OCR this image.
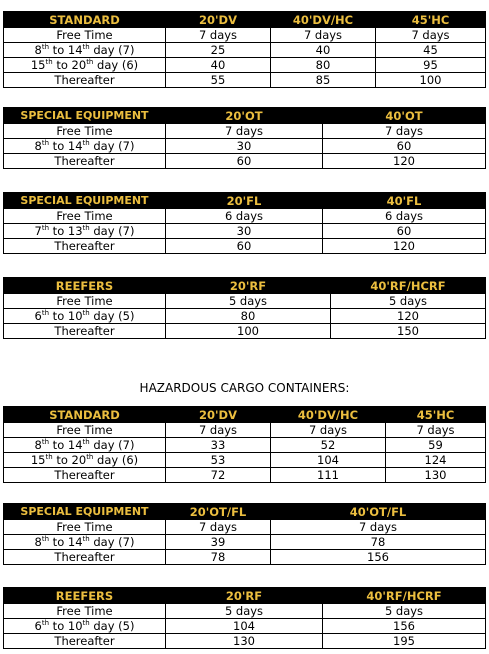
STANDARD	20'DV	40'DV/HC	45'HC
Free Time	7 days	7 days	7 days
8th to 14th day (7)	25	40	45
15th to 20th day (6)	40	80	95
Thereafter	55	85	100
SPECIAL EQUIPMENT	20'OT	40'OT
Free Time	7 days	7 days
8th to 14th day (7)	30	60
Thereafter	60	120
SPECIAL EQUIPMENT	20'FL	40'FL
Free Time	6 days	6 days
7th to 13th day (7)	30	60
Thereafter	60	120
REEFERS	20'RF	40'RF/HCRF
Free Time	5 days	5 days
6th to 10th day (5)	80	120
Thereafter	100	150
HAZARDOUS CARGO CONTAINERS:
STANDARD	20'DV	40'DV/HC	45'HC
Free Time	7 days	7 days	7 days
8th to 14th day (7)	33	52	59
15th to 20th day (6)	53	104	124
Thereafter	72	111	130
SPECIAL EQUIPMENT	20'OT/FL	40'OT/FL
Free Time	7 days	7 days
8th to 14th day (7)	39	78
Thereafter	78	156
REEFERS	20'RF	40'RF/HCRF
Free Time	5 days	5 days
6th to 10th day (5)	104	156
Thereafter	130	195
